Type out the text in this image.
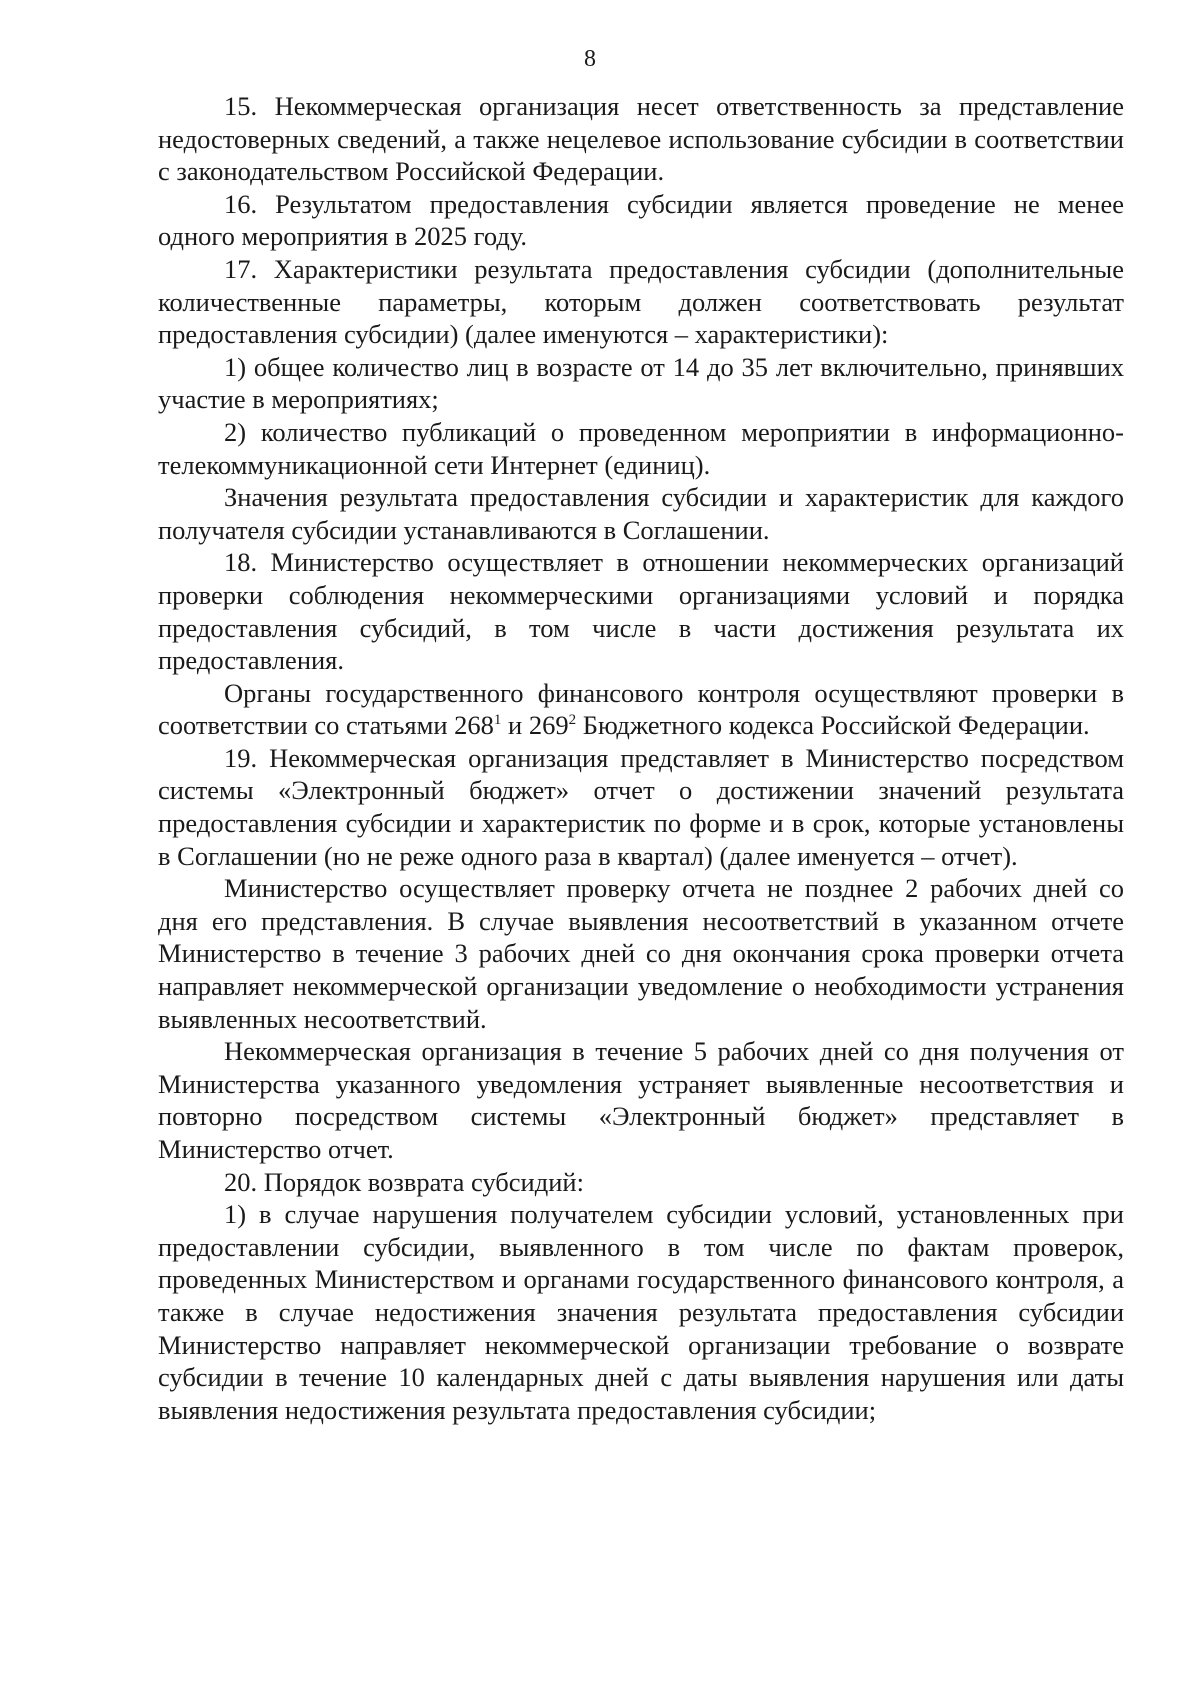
8

15. Некоммерческая организация несет ответственность за представление недостоверных сведений, а также нецелевое использование субсидии в соответствии с законодательством Российской Федерации.

16. Результатом предоставления субсидии является проведение не менее одного мероприятия в 2025 году.

17. Характеристики результата предоставления субсидии (дополнительные количественные параметры, которым должен соответствовать результат предоставления субсидии) (далее именуются – характеристики):

1) общее количество лиц в возрасте от 14 до 35 лет включительно, принявших участие в мероприятиях;

2) количество публикаций о проведенном мероприятии в информационно-телекоммуникационной сети Интернет (единиц).

Значения результата предоставления субсидии и характеристик для каждого получателя субсидии устанавливаются в Соглашении.

18. Министерство осуществляет в отношении некоммерческих организаций проверки соблюдения некоммерческими организациями условий и порядка предоставления субсидий, в том числе в части достижения результата их предоставления.

Органы государственного финансового контроля осуществляют проверки в соответствии со статьями $268^1$ и $269^2$ Бюджетного кодекса Российской Федерации.

19. Некоммерческая организация представляет в Министерство посредством системы «Электронный бюджет» отчет о достижении значений результата предоставления субсидии и характеристик по форме и в срок, которые установлены в Соглашении (но не реже одного раза в квартал) (далее именуется – отчет).

Министерство осуществляет проверку отчета не позднее 2 рабочих дней со дня его представления. В случае выявления несоответствий в указанном отчете Министерство в течение 3 рабочих дней со дня окончания срока проверки отчета направляет некоммерческой организации уведомление о необходимости устранения выявленных несоответствий.

Некоммерческая организация в течение 5 рабочих дней со дня получения от Министерства указанного уведомления устраняет выявленные несоответствия и повторно посредством системы «Электронный бюджет» представляет в Министерство отчет.

20. Порядок возврата субсидий:

1) в случае нарушения получателем субсидии условий, установленных при предоставлении субсидии, выявленного в том числе по фактам проверок, проведенных Министерством и органами государственного финансового контроля, а также в случае недостижения значения результата предоставления субсидии Министерство направляет некоммерческой организации требование о возврате субсидии в течение 10 календарных дней с даты выявления нарушения или даты выявления недостижения результата предоставления субсидии;
